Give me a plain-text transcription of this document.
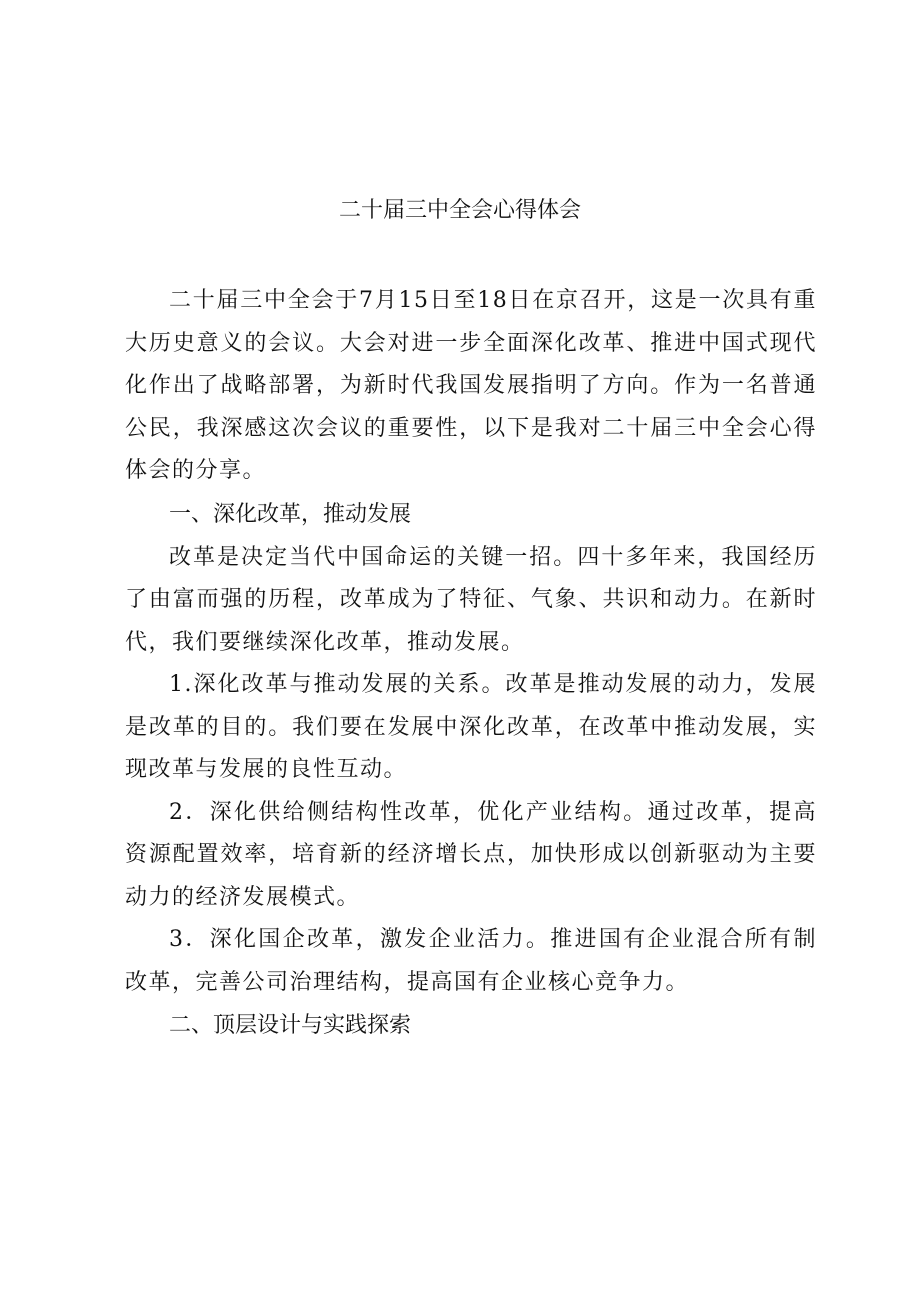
二十届三中全会心得体会

二十届三中全会于7月15日至18日在京召开，这是一次具有重大历史意义的会议。大会对进一步全面深化改革、推进中国式现代化作出了战略部署，为新时代我国发展指明了方向。作为一名普通公民，我深感这次会议的重要性，以下是我对二十届三中全会心得体会的分享。

一、深化改革，推动发展

改革是决定当代中国命运的关键一招。四十多年来，我国经历了由富而强的历程，改革成为了特征、气象、共识和动力。在新时代，我们要继续深化改革，推动发展。

1.深化改革与推动发展的关系。改革是推动发展的动力，发展是改革的目的。我们要在发展中深化改革，在改革中推动发展，实现改革与发展的良性互动。

2．深化供给侧结构性改革，优化产业结构。通过改革，提高资源配置效率，培育新的经济增长点，加快形成以创新驱动为主要动力的经济发展模式。

3．深化国企改革，激发企业活力。推进国有企业混合所有制改革，完善公司治理结构，提高国有企业核心竞争力。

二、顶层设计与实践探索
